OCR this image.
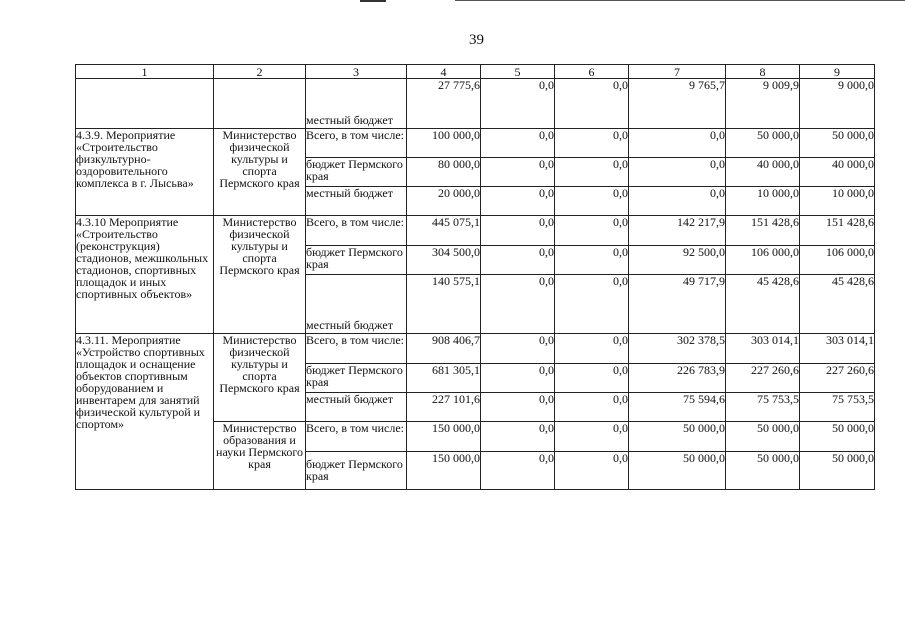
39
1	2	3	4	5	6	7	8	9
		местный бюджет	27 775,6	0,0	0,0	9 765,7	9 009,9	9 000,0
4.3.9. Мероприятие «Строительство физкультурно-оздоровительного комплекса в г. Лысьва»	Министерство физической культуры и спорта Пермского края	Всего, в том числе:	100 000,0	0,0	0,0	0,0	50 000,0	50 000,0
		бюджет Пермского края	80 000,0	0,0	0,0	0,0	40 000,0	40 000,0
		местный бюджет	20 000,0	0,0	0,0	0,0	10 000,0	10 000,0
4.3.10 Мероприятие «Строительство (реконструкция) стадионов, межшкольных стадионов, спортивных площадок и иных спортивных объектов»	Министерство физической культуры и спорта Пермского края	Всего, в том числе:	445 075,1	0,0	0,0	142 217,9	151 428,6	151 428,6
		бюджет Пермского края	304 500,0	0,0	0,0	92 500,0	106 000,0	106 000,0
		местный бюджет	140 575,1	0,0	0,0	49 717,9	45 428,6	45 428,6
4.3.11. Мероприятие «Устройство спортивных площадок и оснащение объектов спортивным оборудованием и инвентарем для занятий физической культурой и спортом»	Министерство физической культуры и спорта Пермского края	Всего, в том числе:	908 406,7	0,0	0,0	302 378,5	303 014,1	303 014,1
		бюджет Пермского края	681 305,1	0,0	0,0	226 783,9	227 260,6	227 260,6
		местный бюджет	227 101,6	0,0	0,0	75 594,6	75 753,5	75 753,5
	Министерство образования и науки Пермского края	Всего, в том числе:	150 000,0	0,0	0,0	50 000,0	50 000,0	50 000,0
		бюджет Пермского края	150 000,0	0,0	0,0	50 000,0	50 000,0	50 000,0
